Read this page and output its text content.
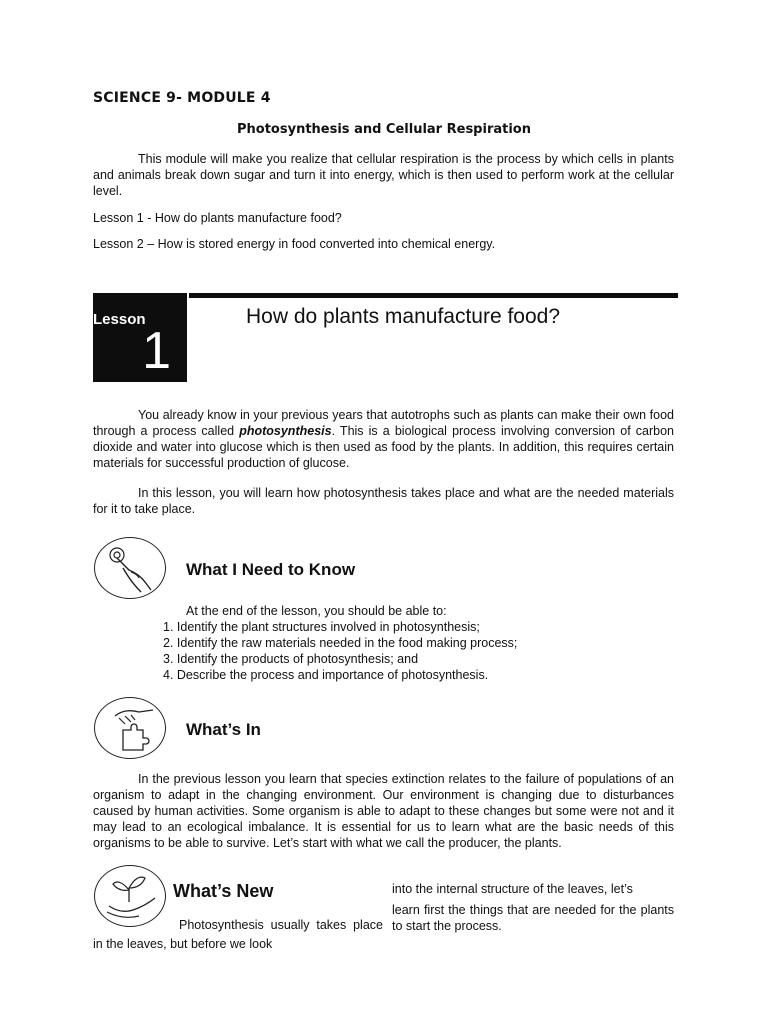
SCIENCE 9- MODULE 4
Photosynthesis and Cellular Respiration
This module will make you realize that cellular respiration is the process by which cells in plants and animals break down sugar and turn it into energy, which is then used to perform work at the cellular level.
Lesson 1 - How do plants manufacture food?
Lesson 2 – How is stored energy in food converted into chemical energy.
Lesson
1
How do plants manufacture food?
You already know in your previous years that autotrophs such as plants can make their own food through a process called photosynthesis. This is a biological process involving conversion of carbon dioxide and water into glucose which is then used as food by the plants. In addition, this requires certain materials for successful production of glucose.
In this lesson, you will learn how photosynthesis takes place and what are the needed materials for it to take place.
What I Need to Know
At the end of the lesson, you should be able to:
1. Identify the plant structures involved in photosynthesis;
2. Identify the raw materials needed in the food making process;
3. Identify the products of photosynthesis; and
4. Describe the process and importance of photosynthesis.
What’s In
In the previous lesson you learn that species extinction relates to the failure of populations of an organism to adapt in the changing environment. Our environment is changing due to disturbances caused by human activities. Some organism is able to adapt to these changes but some were not and it may lead to an ecological imbalance. It is essential for us to learn what are the basic needs of this organisms to be able to survive. Let’s start with what we call the producer, the plants.
What’s New
Photosynthesis usually takes place in the leaves, but before we look
into the internal structure of the leaves, let’s
learn first the things that are needed for the plants to start the process.
